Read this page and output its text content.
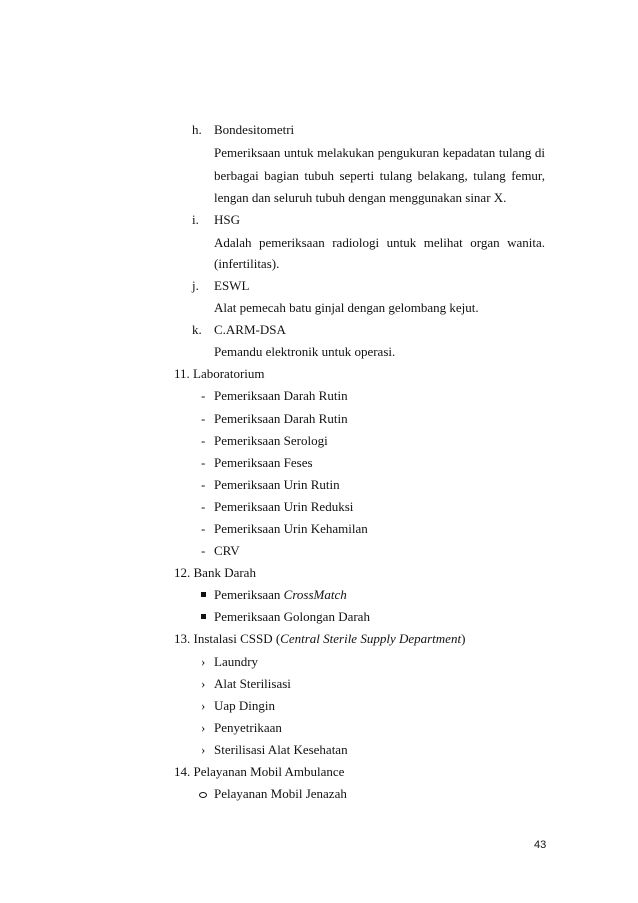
h. Bondesitometri
Pemeriksaan untuk melakukan pengukuran kepadatan tulang di
berbagai bagian tubuh seperti tulang belakang, tulang femur,
lengan dan seluruh tubuh dengan menggunakan sinar X.
i. HSG
Adalah pemeriksaan radiologi untuk melihat organ wanita.
(infertilitas).
j. ESWL
Alat pemecah batu ginjal dengan gelombang kejut.
k. C.ARM-DSA
Pemandu elektronik untuk operasi.
11. Laboratorium
- Pemeriksaan Darah Rutin
- Pemeriksaan Darah Rutin
- Pemeriksaan Serologi
- Pemeriksaan Feses
- Pemeriksaan Urin Rutin
- Pemeriksaan Urin Reduksi
- Pemeriksaan Urin Kehamilan
- CRV
12. Bank Darah
Pemeriksaan CrossMatch
Pemeriksaan Golongan Darah
13. Instalasi CSSD (Central Sterile Supply Department)
› Laundry
› Alat Sterilisasi
› Uap Dingin
› Penyetrikaan
› Sterilisasi Alat Kesehatan
14. Pelayanan Mobil Ambulance
Pelayanan Mobil Jenazah
43
